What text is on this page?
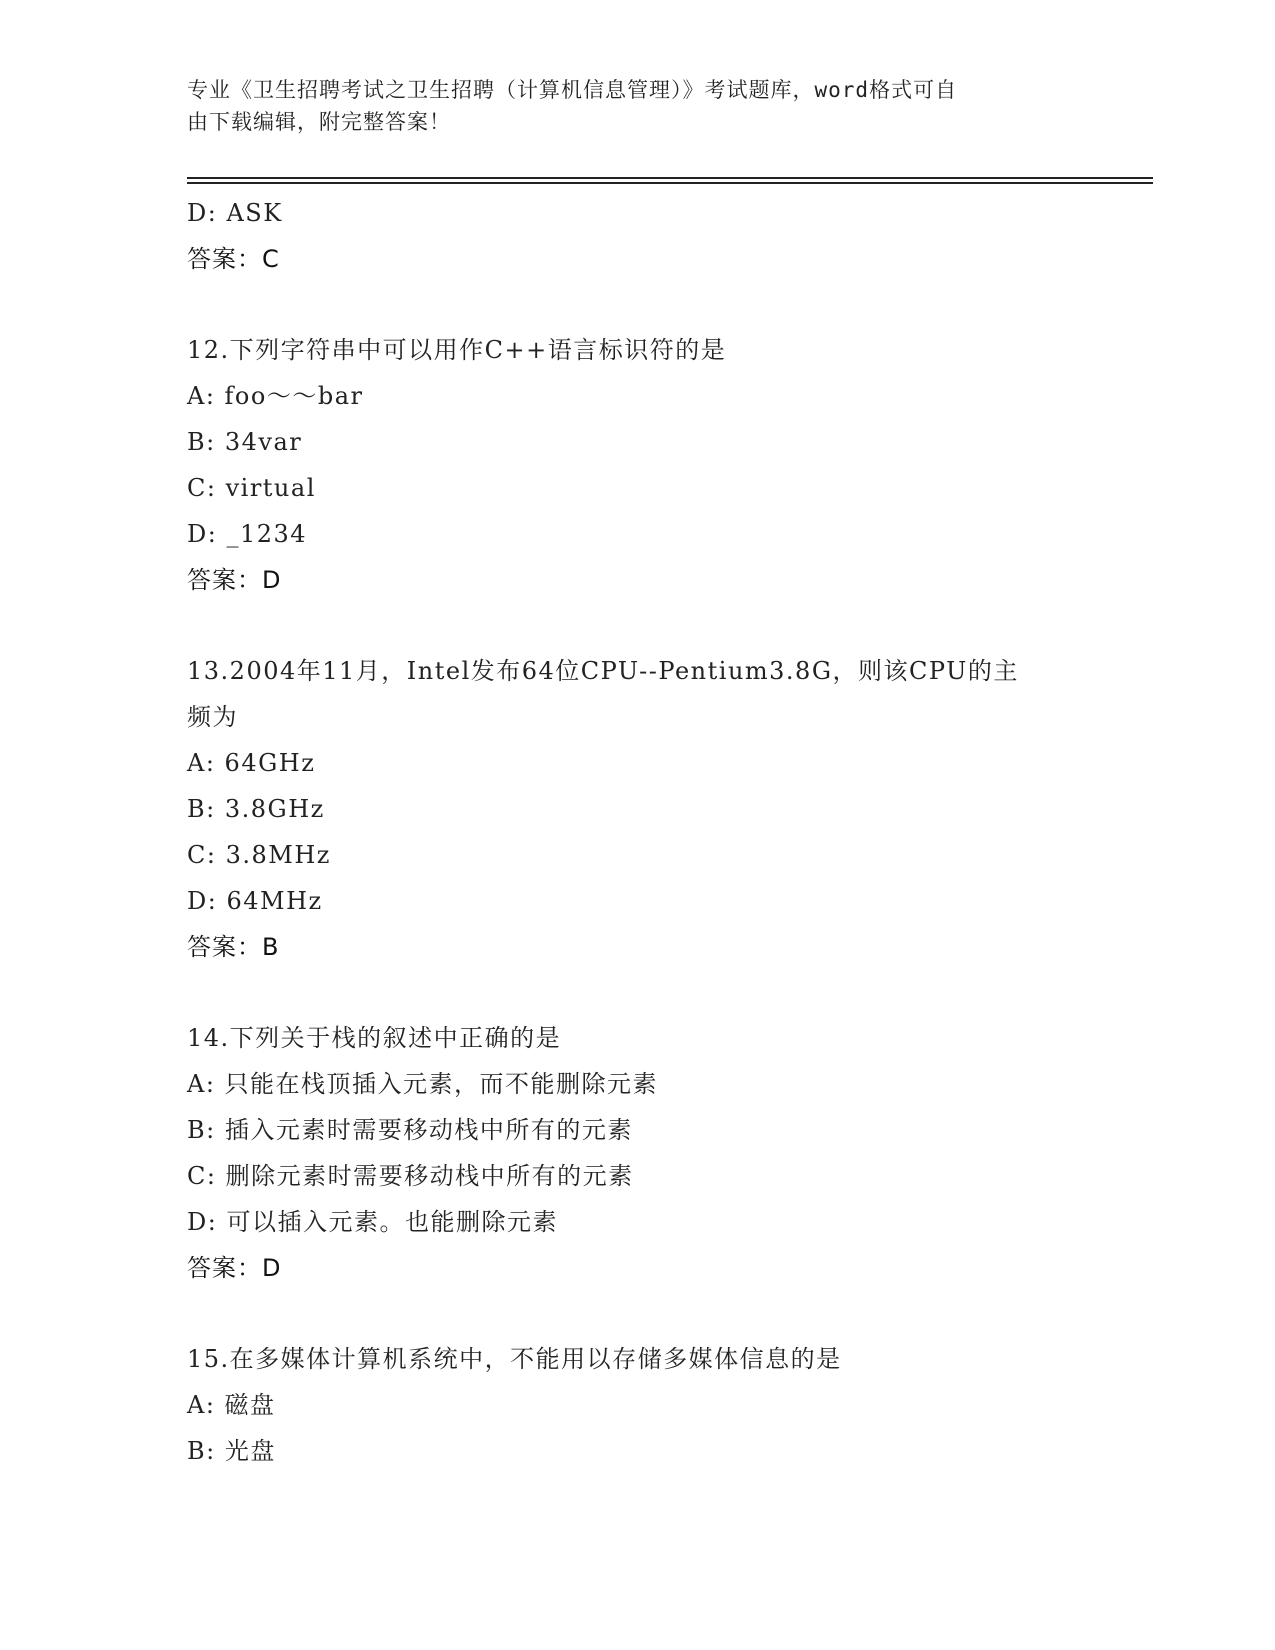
专业《卫生招聘考试之卫生招聘（计算机信息管理）》考试题库，word格式可自
由下载编辑，附完整答案！
D: ASK
答案：C
12.下列字符串中可以用作C++语言标识符的是
A: foo～～bar
B: 34var
C: virtual
D: _1234
答案：D
13.2004年11月，Intel发布64位CPU--Pentium3.8G，则该CPU的主
频为
A: 64GHz
B: 3.8GHz
C: 3.8MHz
D: 64MHz
答案：B
14.下列关于栈的叙述中正确的是
A: 只能在栈顶插入元素，而不能删除元素
B: 插入元素时需要移动栈中所有的元素
C: 删除元素时需要移动栈中所有的元素
D: 可以插入元素。也能删除元素
答案：D
15.在多媒体计算机系统中，不能用以存储多媒体信息的是
A: 磁盘
B: 光盘
